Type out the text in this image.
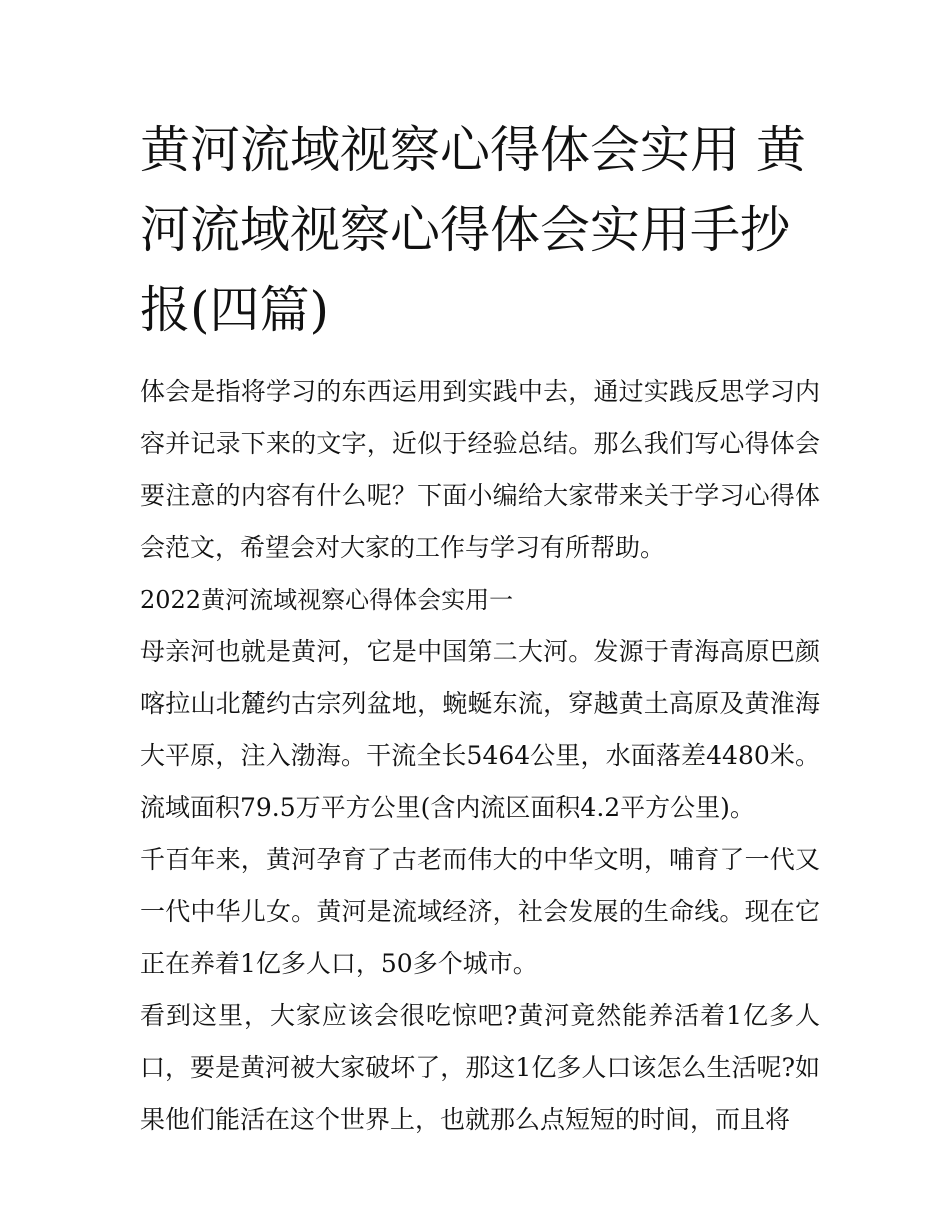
黄河流域视察心得体会实用 黄河流域视察心得体会实用手抄报(四篇)

体会是指将学习的东西运用到实践中去，通过实践反思学习内容并记录下来的文字，近似于经验总结。那么我们写心得体会要注意的内容有什么呢？下面小编给大家带来关于学习心得体会范文，希望会对大家的工作与学习有所帮助。

2022黄河流域视察心得体会实用一

母亲河也就是黄河，它是中国第二大河。发源于青海高原巴颜喀拉山北麓约古宗列盆地，蜿蜒东流，穿越黄土高原及黄淮海大平原，注入渤海。干流全长5464公里，水面落差4480米。流域面积79.5万平方公里(含内流区面积4.2平方公里)。

千百年来，黄河孕育了古老而伟大的中华文明，哺育了一代又一代中华儿女。黄河是流域经济，社会发展的生命线。现在它正在养着1亿多人口，50多个城市。

看到这里，大家应该会很吃惊吧?黄河竟然能养活着1亿多人口，要是黄河被大家破坏了，那这1亿多人口该怎么生活呢?如果他们能活在这个世界上，也就那么点短短的时间，而且将
